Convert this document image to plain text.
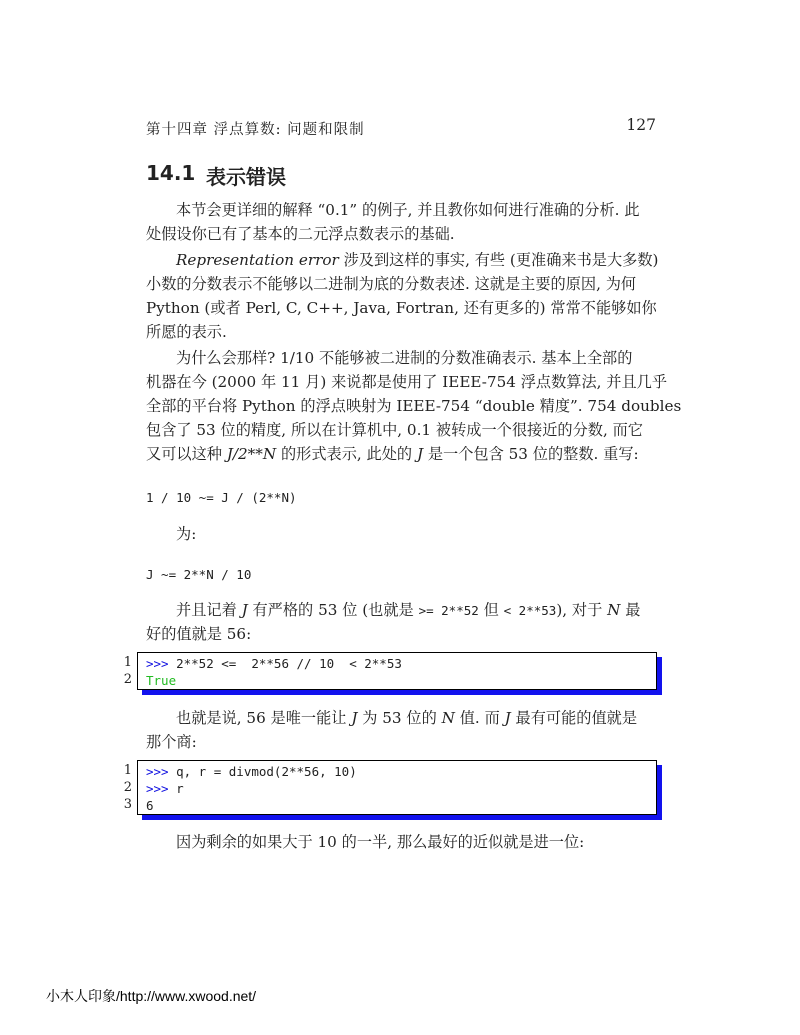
第十四章 浮点算数: 问题和限制	127
14.1 表示错误
本节会更详细的解释 “0.1” 的例子, 并且教你如何进行准确的分析. 此
处假设你已有了基本的二元浮点数表示的基础.
Representation error 涉及到这样的事实, 有些 (更准确来书是大多数)
小数的分数表示不能够以二进制为底的分数表述. 这就是主要的原因, 为何
Python (或者 Perl, C, C++, Java, Fortran, 还有更多的) 常常不能够如你
所愿的表示.
为什么会那样? 1/10 不能够被二进制的分数准确表示. 基本上全部的
机器在今 (2000 年 11 月) 来说都是使用了 IEEE-754 浮点数算法, 并且几乎
全部的平台将 Python 的浮点映射为 IEEE-754 “double 精度”. 754 doubles
包含了 53 位的精度, 所以在计算机中, 0.1 被转成一个很接近的分数, 而它
又可以这种 J/2**N 的形式表示, 此处的 J 是一个包含 53 位的整数. 重写:
1 / 10 ~= J / (2**N)
为:
J ~= 2**N / 10
并且记着 J 有严格的 53 位 (也就是 >= 2**52 但 < 2**53), 对于 N 最
好的值就是 56:
1
2
>>> 2**52 <=  2**56 // 10  < 2**53
True
也就是说, 56 是唯一能让 J 为 53 位的 N 值. 而 J 最有可能的值就是
那个商:
1
2
3
>>> q, r = divmod(2**56, 10)
>>> r
6
因为剩余的如果大于 10 的一半, 那么最好的近似就是进一位:
小木人印象/http://www.xwood.net/
